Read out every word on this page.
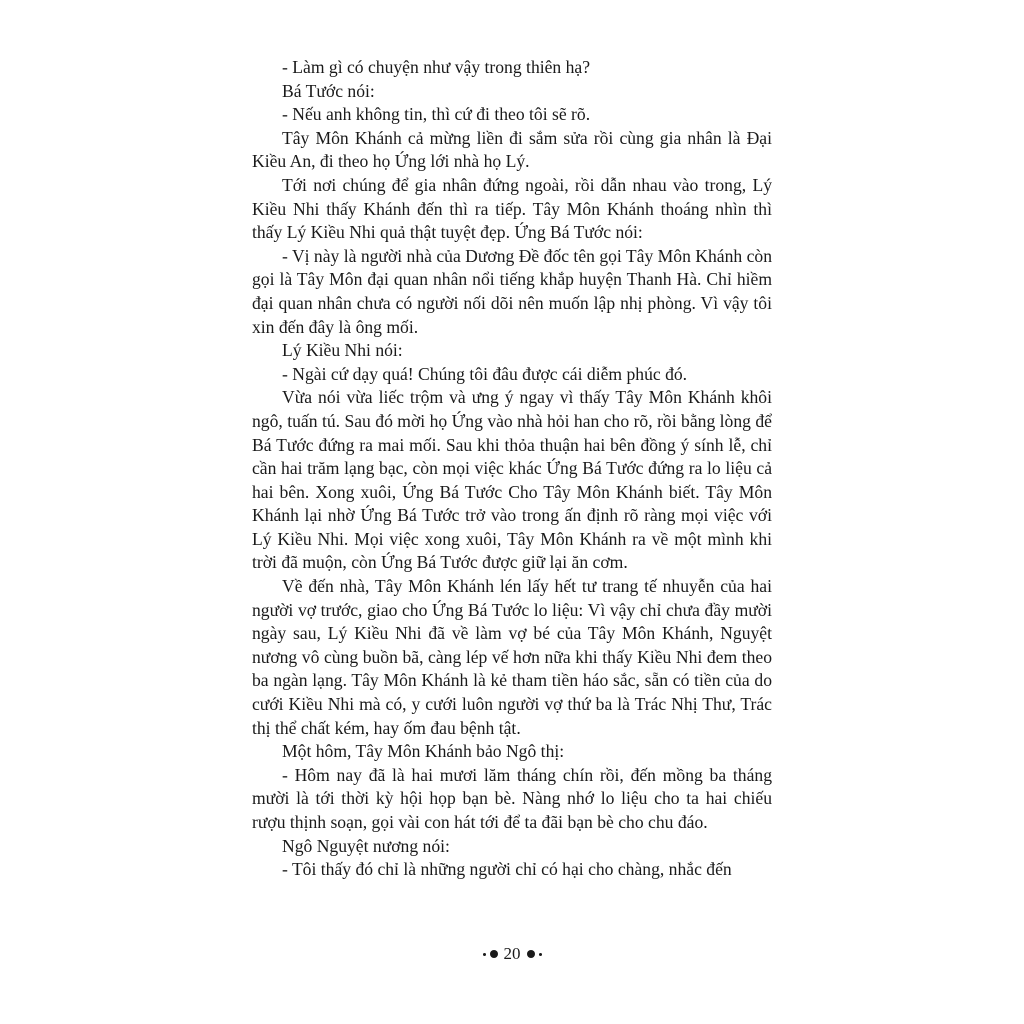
- Làm gì có chuyện như vậy trong thiên hạ?

Bá Tước nói:

- Nếu anh không tin, thì cứ đi theo tôi sẽ rõ.

Tây Môn Khánh cả mừng liền đi sắm sửa rồi cùng gia nhân là Đại Kiều An, đi theo họ Ứng lới nhà họ Lý.

Tới nơi chúng để gia nhân đứng ngoài, rồi dẫn nhau vào trong, Lý Kiều Nhi thấy Khánh đến thì ra tiếp. Tây Môn Khánh thoáng nhìn thì thấy Lý Kiều Nhi quả thật tuyệt đẹp. Ứng Bá Tước nói:

- Vị này là người nhà của Dương Đề đốc tên gọi Tây Môn Khánh còn gọi là Tây Môn đại quan nhân nổi tiếng khắp huyện Thanh Hà. Chỉ hiềm đại quan nhân chưa có người nối dõi nên muốn lập nhị phòng. Vì vậy tôi xin đến đây là ông mối.

Lý Kiều Nhi nói:

- Ngài cứ dạy quá! Chúng tôi đâu được cái diễm phúc đó.

Vừa nói vừa liếc trộm và ưng ý ngay vì thấy Tây Môn Khánh khôi ngô, tuấn tú. Sau đó mời họ Ứng vào nhà hỏi han cho rõ, rồi bằng lòng để Bá Tước đứng ra mai mối. Sau khi thỏa thuận hai bên đồng ý sính lễ, chỉ cần hai trăm lạng bạc, còn mọi việc khác Ứng Bá Tước đứng ra lo liệu cả hai bên. Xong xuôi, Ứng Bá Tước Cho Tây Môn Khánh biết. Tây Môn Khánh lại nhờ Ứng Bá Tước trở vào trong ấn định rõ ràng mọi việc với Lý Kiều Nhi. Mọi việc xong xuôi, Tây Môn Khánh ra về một mình khi trời đã muộn, còn Ứng Bá Tước được giữ lại ăn cơm.

Về đến nhà, Tây Môn Khánh lén lấy hết tư trang tế nhuyễn của hai người vợ trước, giao cho Ứng Bá Tước lo liệu: Vì vậy chỉ chưa đầy mười ngày sau, Lý Kiều Nhi đã về làm vợ bé của Tây Môn Khánh, Nguyệt nương vô cùng buồn bã, càng lép vế hơn nữa khi thấy Kiều Nhi đem theo ba ngàn lạng. Tây Môn Khánh là kẻ tham tiền háo sắc, sẵn có tiền của do cưới Kiều Nhi mà có, y cưới luôn người vợ thứ ba là Trác Nhị Thư, Trác thị thể chất kém, hay ốm đau bệnh tật.

Một hôm, Tây Môn Khánh bảo Ngô thị:

- Hôm nay đã là hai mươi lăm tháng chín rồi, đến mồng ba tháng mười là tới thời kỳ hội họp bạn bè. Nàng nhớ lo liệu cho ta hai chiếu rượu thịnh soạn, gọi vài con hát tới để ta đãi bạn bè cho chu đáo.

Ngô Nguyệt nương nói:

- Tôi thấy đó chỉ là những người chỉ có hại cho chàng, nhắc đến

20
